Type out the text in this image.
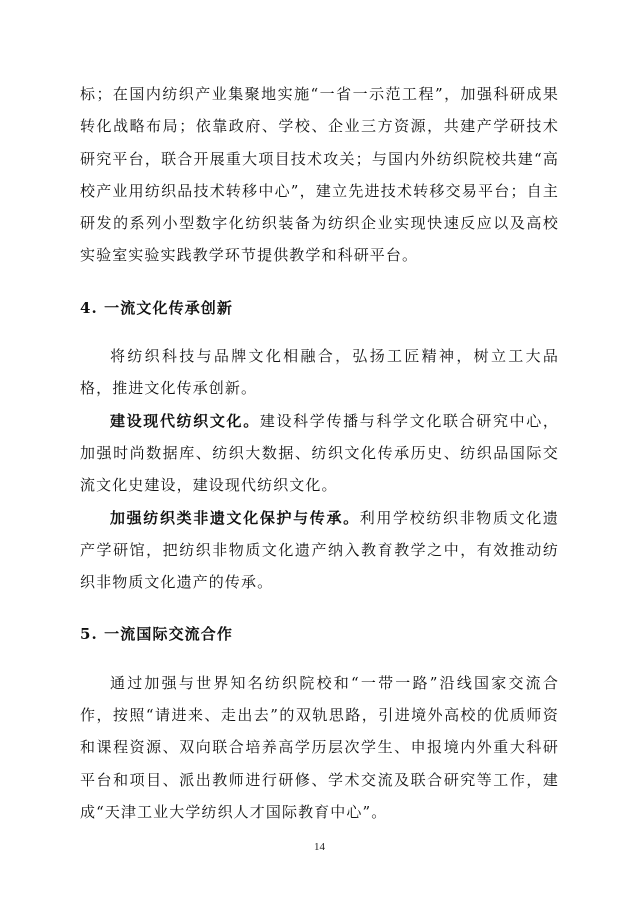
标；在国内纺织产业集聚地实施“一省一示范工程”，加强科研成果转化战略布局；依靠政府、学校、企业三方资源，共建产学研技术研究平台，联合开展重大项目技术攻关；与国内外纺织院校共建“高校产业用纺织品技术转移中心”，建立先进技术转移交易平台；自主研发的系列小型数字化纺织装备为纺织企业实现快速反应以及高校实验室实验实践教学环节提供教学和科研平台。

4. 一流文化传承创新

将纺织科技与品牌文化相融合，弘扬工匠精神，树立工大品格，推进文化传承创新。

建设现代纺织文化。建设科学传播与科学文化联合研究中心，加强时尚数据库、纺织大数据、纺织文化传承历史、纺织品国际交流文化史建设，建设现代纺织文化。

加强纺织类非遗文化保护与传承。利用学校纺织非物质文化遗产学研馆，把纺织非物质文化遗产纳入教育教学之中，有效推动纺织非物质文化遗产的传承。

5. 一流国际交流合作

通过加强与世界知名纺织院校和“一带一路”沿线国家交流合作，按照“请进来、走出去”的双轨思路，引进境外高校的优质师资和课程资源、双向联合培养高学历层次学生、申报境内外重大科研平台和项目、派出教师进行研修、学术交流及联合研究等工作，建成“天津工业大学纺织人才国际教育中心”。

14
